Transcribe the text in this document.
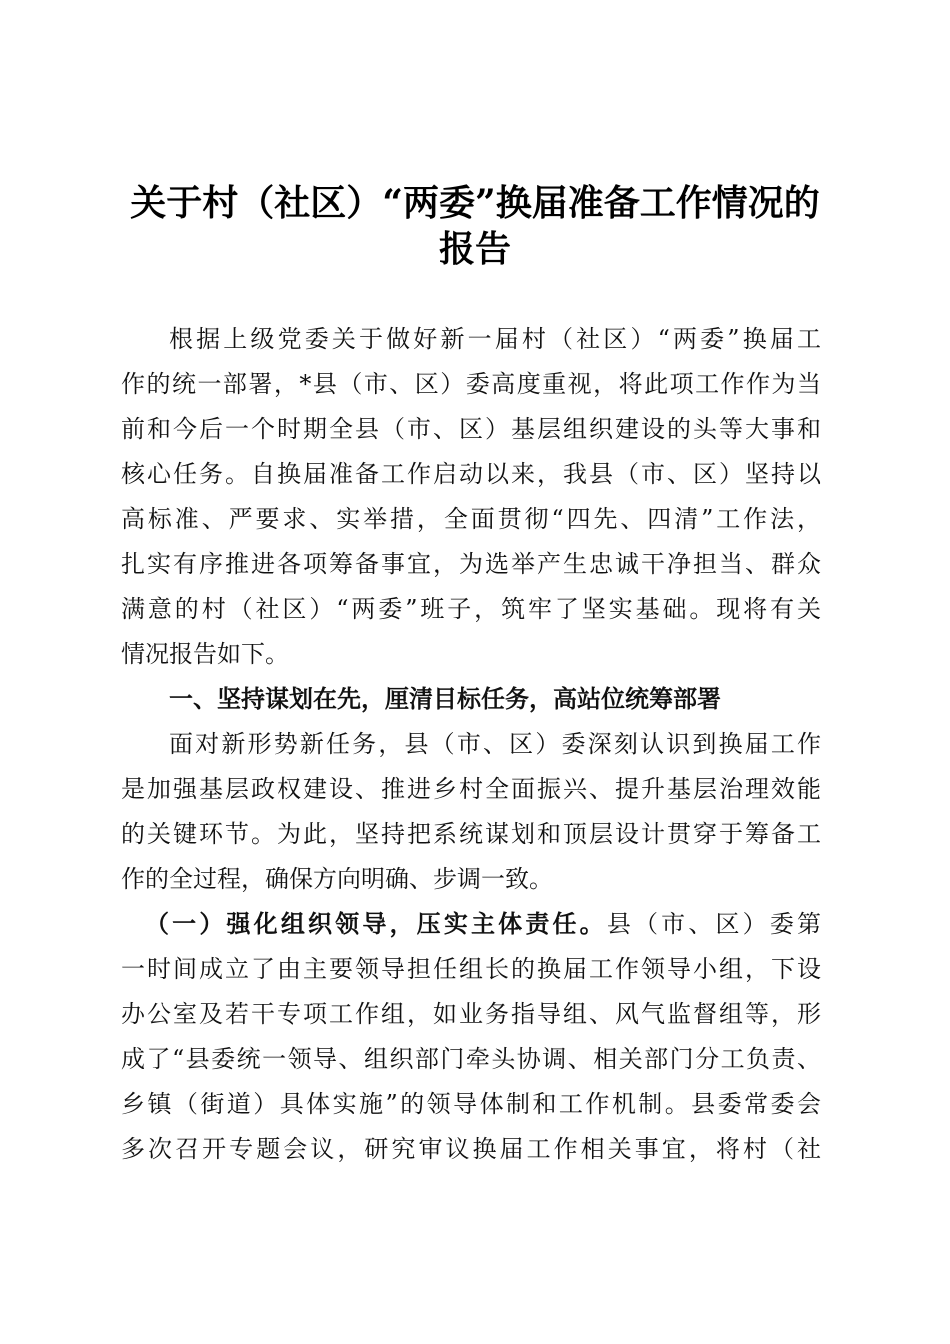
关于村（社区）“两委”换届准备工作情况的
报告
根据上级党委关于做好新一届村（社区）“两委”换届工
作的统一部署，*县（市、区）委高度重视，将此项工作作为当
前和今后一个时期全县（市、区）基层组织建设的头等大事和
核心任务。自换届准备工作启动以来，我县（市、区）坚持以
高标准、严要求、实举措，全面贯彻“四先、四清”工作法，
扎实有序推进各项筹备事宜，为选举产生忠诚干净担当、群众
满意的村（社区）“两委”班子，筑牢了坚实基础。现将有关
情况报告如下。
一、坚持谋划在先，厘清目标任务，高站位统筹部署
面对新形势新任务，县（市、区）委深刻认识到换届工作
是加强基层政权建设、推进乡村全面振兴、提升基层治理效能
的关键环节。为此，坚持把系统谋划和顶层设计贯穿于筹备工
作的全过程，确保方向明确、步调一致。
（一）强化组织领导，压实主体责任。县（市、区）委第
一时间成立了由主要领导担任组长的换届工作领导小组，下设
办公室及若干专项工作组，如业务指导组、风气监督组等，形
成了“县委统一领导、组织部门牵头协调、相关部门分工负责、
乡镇（街道）具体实施”的领导体制和工作机制。县委常委会
多次召开专题会议，研究审议换届工作相关事宜，将村（社
